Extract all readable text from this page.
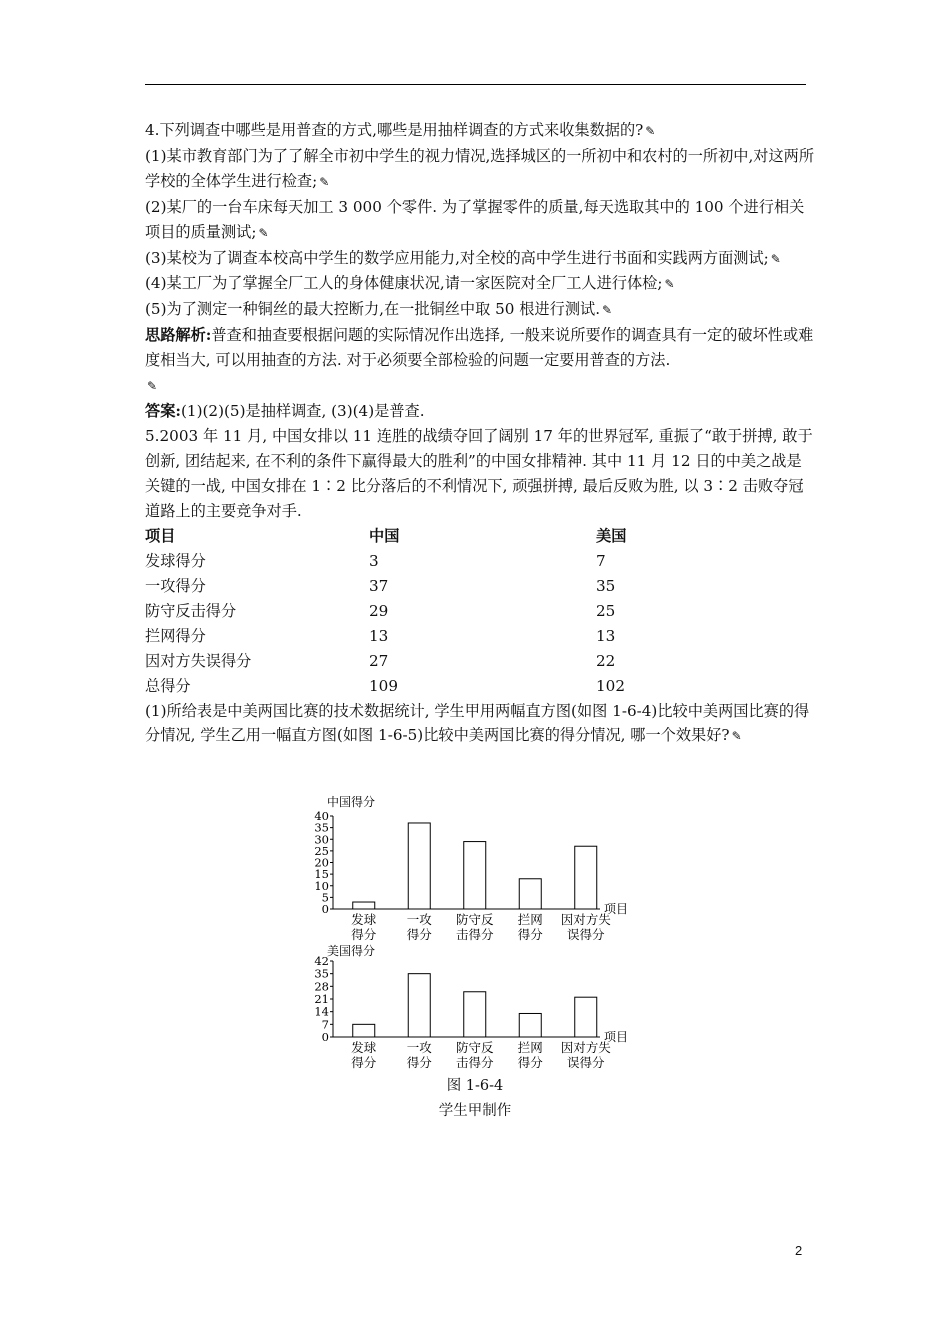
4.下列调查中哪些是用普查的方式,哪些是用抽样调查的方式来收集数据的? ✎

(1)某市教育部门为了了解全市初中学生的视力情况,选择城区的一所初中和农村的一所初中,对这两所学校的全体学生进行检查; ✎

(2)某厂的一台车床每天加工 3 000 个零件. 为了掌握零件的质量,每天选取其中的 100 个进行相关项目的质量测试; ✎

(3)某校为了调查本校高中学生的数学应用能力,对全校的高中学生进行书面和实践两方面测试; ✎

(4)某工厂为了掌握全厂工人的身体健康状况,请一家医院对全厂工人进行体检; ✎

(5)为了测定一种铜丝的最大控断力,在一批铜丝中取 50 根进行测试. ✎

思路解析:普查和抽查要根据问题的实际情况作出选择, 一般来说所要作的调查具有一定的破坏性或难度相当大, 可以用抽查的方法. 对于必须要全部检验的问题一定要用普查的方法.
✎

答案:(1)(2)(5)是抽样调查, (3)(4)是普查.

5.2003 年 11 月, 中国女排以 11 连胜的战绩夺回了阔别 17 年的世界冠军, 重振了“敢于拼搏, 敢于创新, 团结起来, 在不利的条件下赢得最大的胜利”的中国女排精神. 其中 11 月 12 日的中美之战是关键的一战, 中国女排在 1∶2 比分落后的不利情况下, 顽强拼搏, 最后反败为胜, 以 3∶2 击败夺冠道路上的主要竞争对手.

项目	中国	美国
发球得分	3	7
一攻得分	37	35
防守反击得分	29	25
拦网得分	13	13
因对方失误得分	27	22
总得分	109	102

(1)所给表是中美两国比赛的技术数据统计, 学生甲用两幅直方图(如图 1-6-4)比较中美两国比赛的得分情况, 学生乙用一幅直方图(如图 1-6-5)比较中美两国比赛的得分情况, 哪一个效果好? ✎

中国得分
项目
0
5
10
15
20
25
30
35
40
发球
得分
一攻
得分
防守反
击得分
拦网
得分
因对方失
误得分
美国得分
项目
0
7
14
21
28
35
42
发球
得分
一攻
得分
防守反
击得分
拦网
得分
因对方失
误得分
图 1-6-4
学生甲制作
2
